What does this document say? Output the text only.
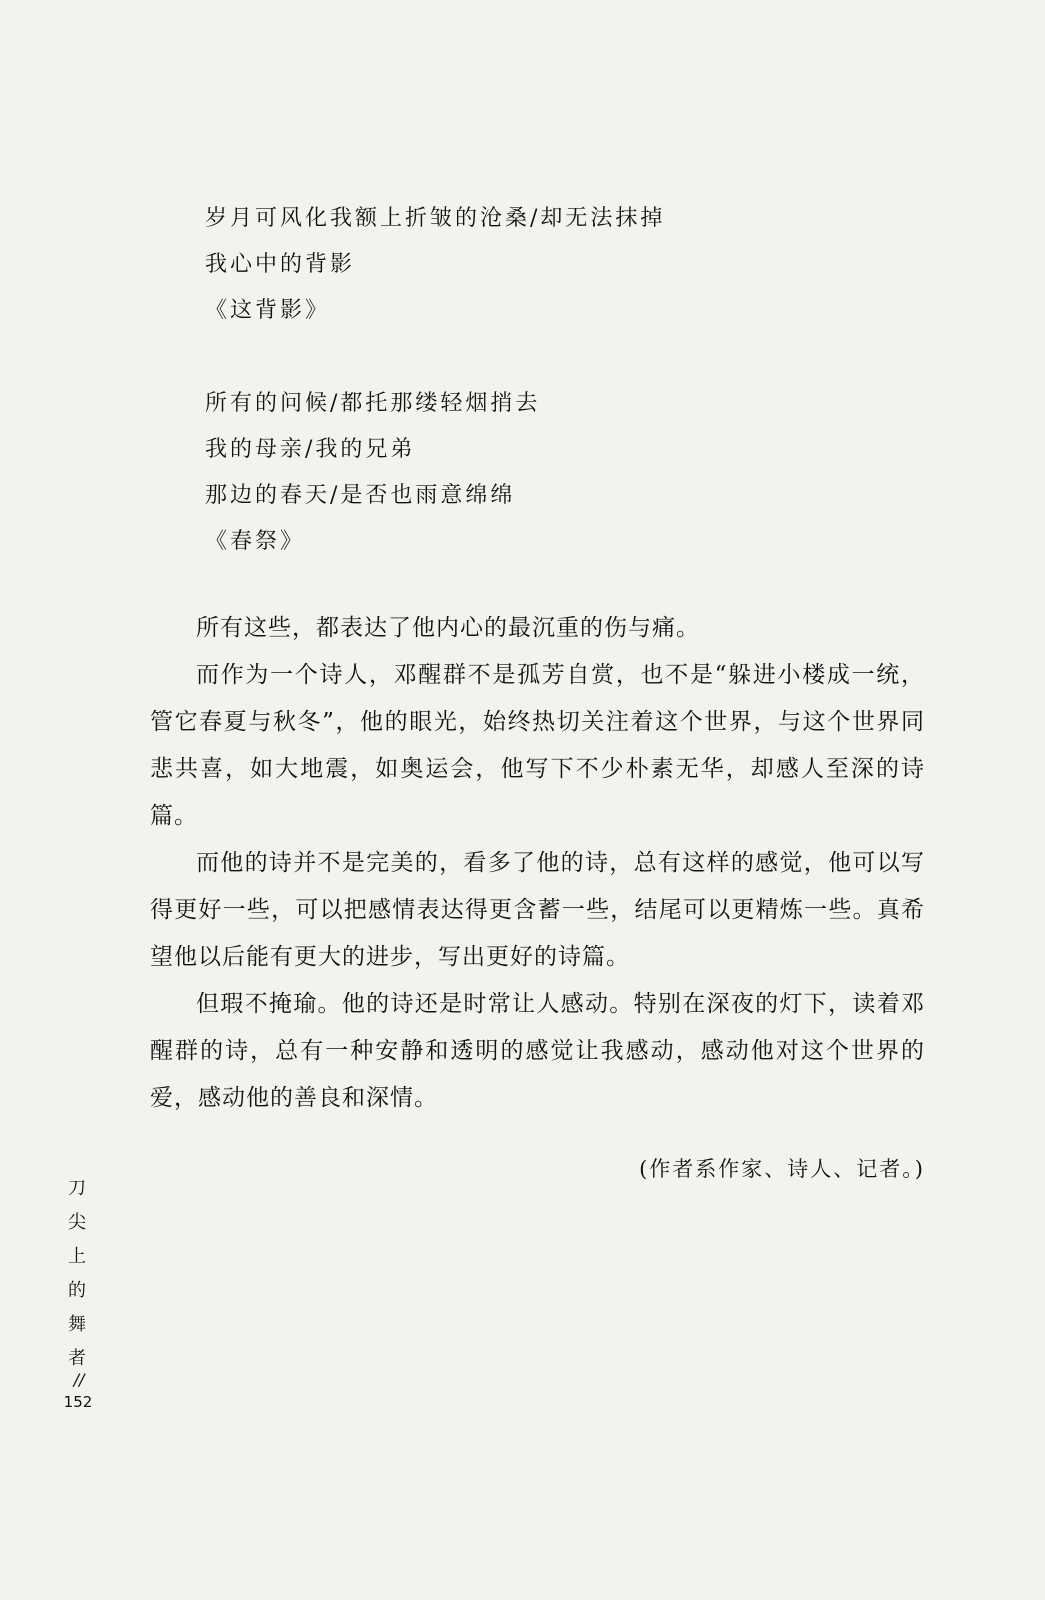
岁月可风化我额上折皱的沧桑/却无法抹掉
我心中的背影
《这背影》
所有的问候/都托那缕轻烟捎去
我的母亲/我的兄弟
那边的春天/是否也雨意绵绵
《春祭》

所有这些，都表达了他内心的最沉重的伤与痛。

而作为一个诗人，邓醒群不是孤芳自赏，也不是“躲进小楼成一统，管它春夏与秋冬”，他的眼光，始终热切关注着这个世界，与这个世界同悲共喜，如大地震，如奥运会，他写下不少朴素无华，却感人至深的诗篇。

而他的诗并不是完美的，看多了他的诗，总有这样的感觉，他可以写得更好一些，可以把感情表达得更含蓄一些，结尾可以更精炼一些。真希望他以后能有更大的进步，写出更好的诗篇。

但瑕不掩瑜。他的诗还是时常让人感动。特别在深夜的灯下，读着邓醒群的诗，总有一种安静和透明的感觉让我感动，感动他对这个世界的爱，感动他的善良和深情。

(作者系作家、诗人、记者。)
刀
尖
上
的
舞
者
//
152
